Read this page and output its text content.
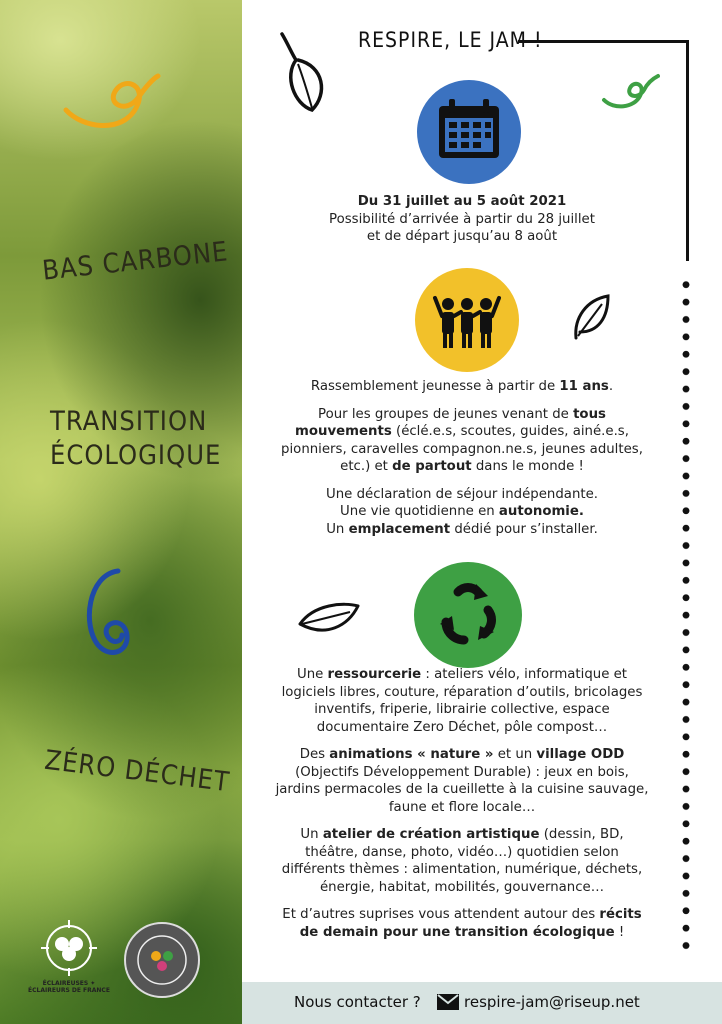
BAS CARBONE
TRANSITION
ÉCOLOGIQUE
ZÉRO DÉCHET
ÉCLAIREUSES ✦ ÉCLAIREURS DE FRANCE
RESPIRE, LE JAM !

Du 31 juillet au 5 août 2021

Possibilité d’arrivée à partir du 28 juillet

et de départ jusqu’au 8 août

Rassemblement jeunesse à partir de 11 ans.

Pour les groupes de jeunes venant de tous mouvements (éclé.e.s, scoutes, guides, ainé.e.s, pionniers, caravelles compagnon.ne.s, jeunes adultes, etc.) et de partout dans le monde !

Une déclaration de séjour indépendante.

Une vie quotidienne en autonomie.

Un emplacement dédié pour s’installer.

Une ressourcerie : ateliers vélo, informatique et logiciels libres, couture, réparation d’outils, bricolages inventifs, friperie, librairie collective, espace documentaire Zero Déchet, pôle compost…

Des animations « nature » et un village ODD (Objectifs Développement Durable) : jeux en bois, jardins permacoles de la cueillette à la cuisine sauvage, faune et flore locale…

Un atelier de création artistique (dessin, BD, théâtre, danse, photo, vidéo…) quotidien selon différents thèmes : alimentation, numérique, déchets, énergie, habitat, mobilités, gouvernance…

Et d’autres suprises vous attendent autour des récits de demain pour une transition écologique !

Nous contacter ?	respire-jam@riseup.net
